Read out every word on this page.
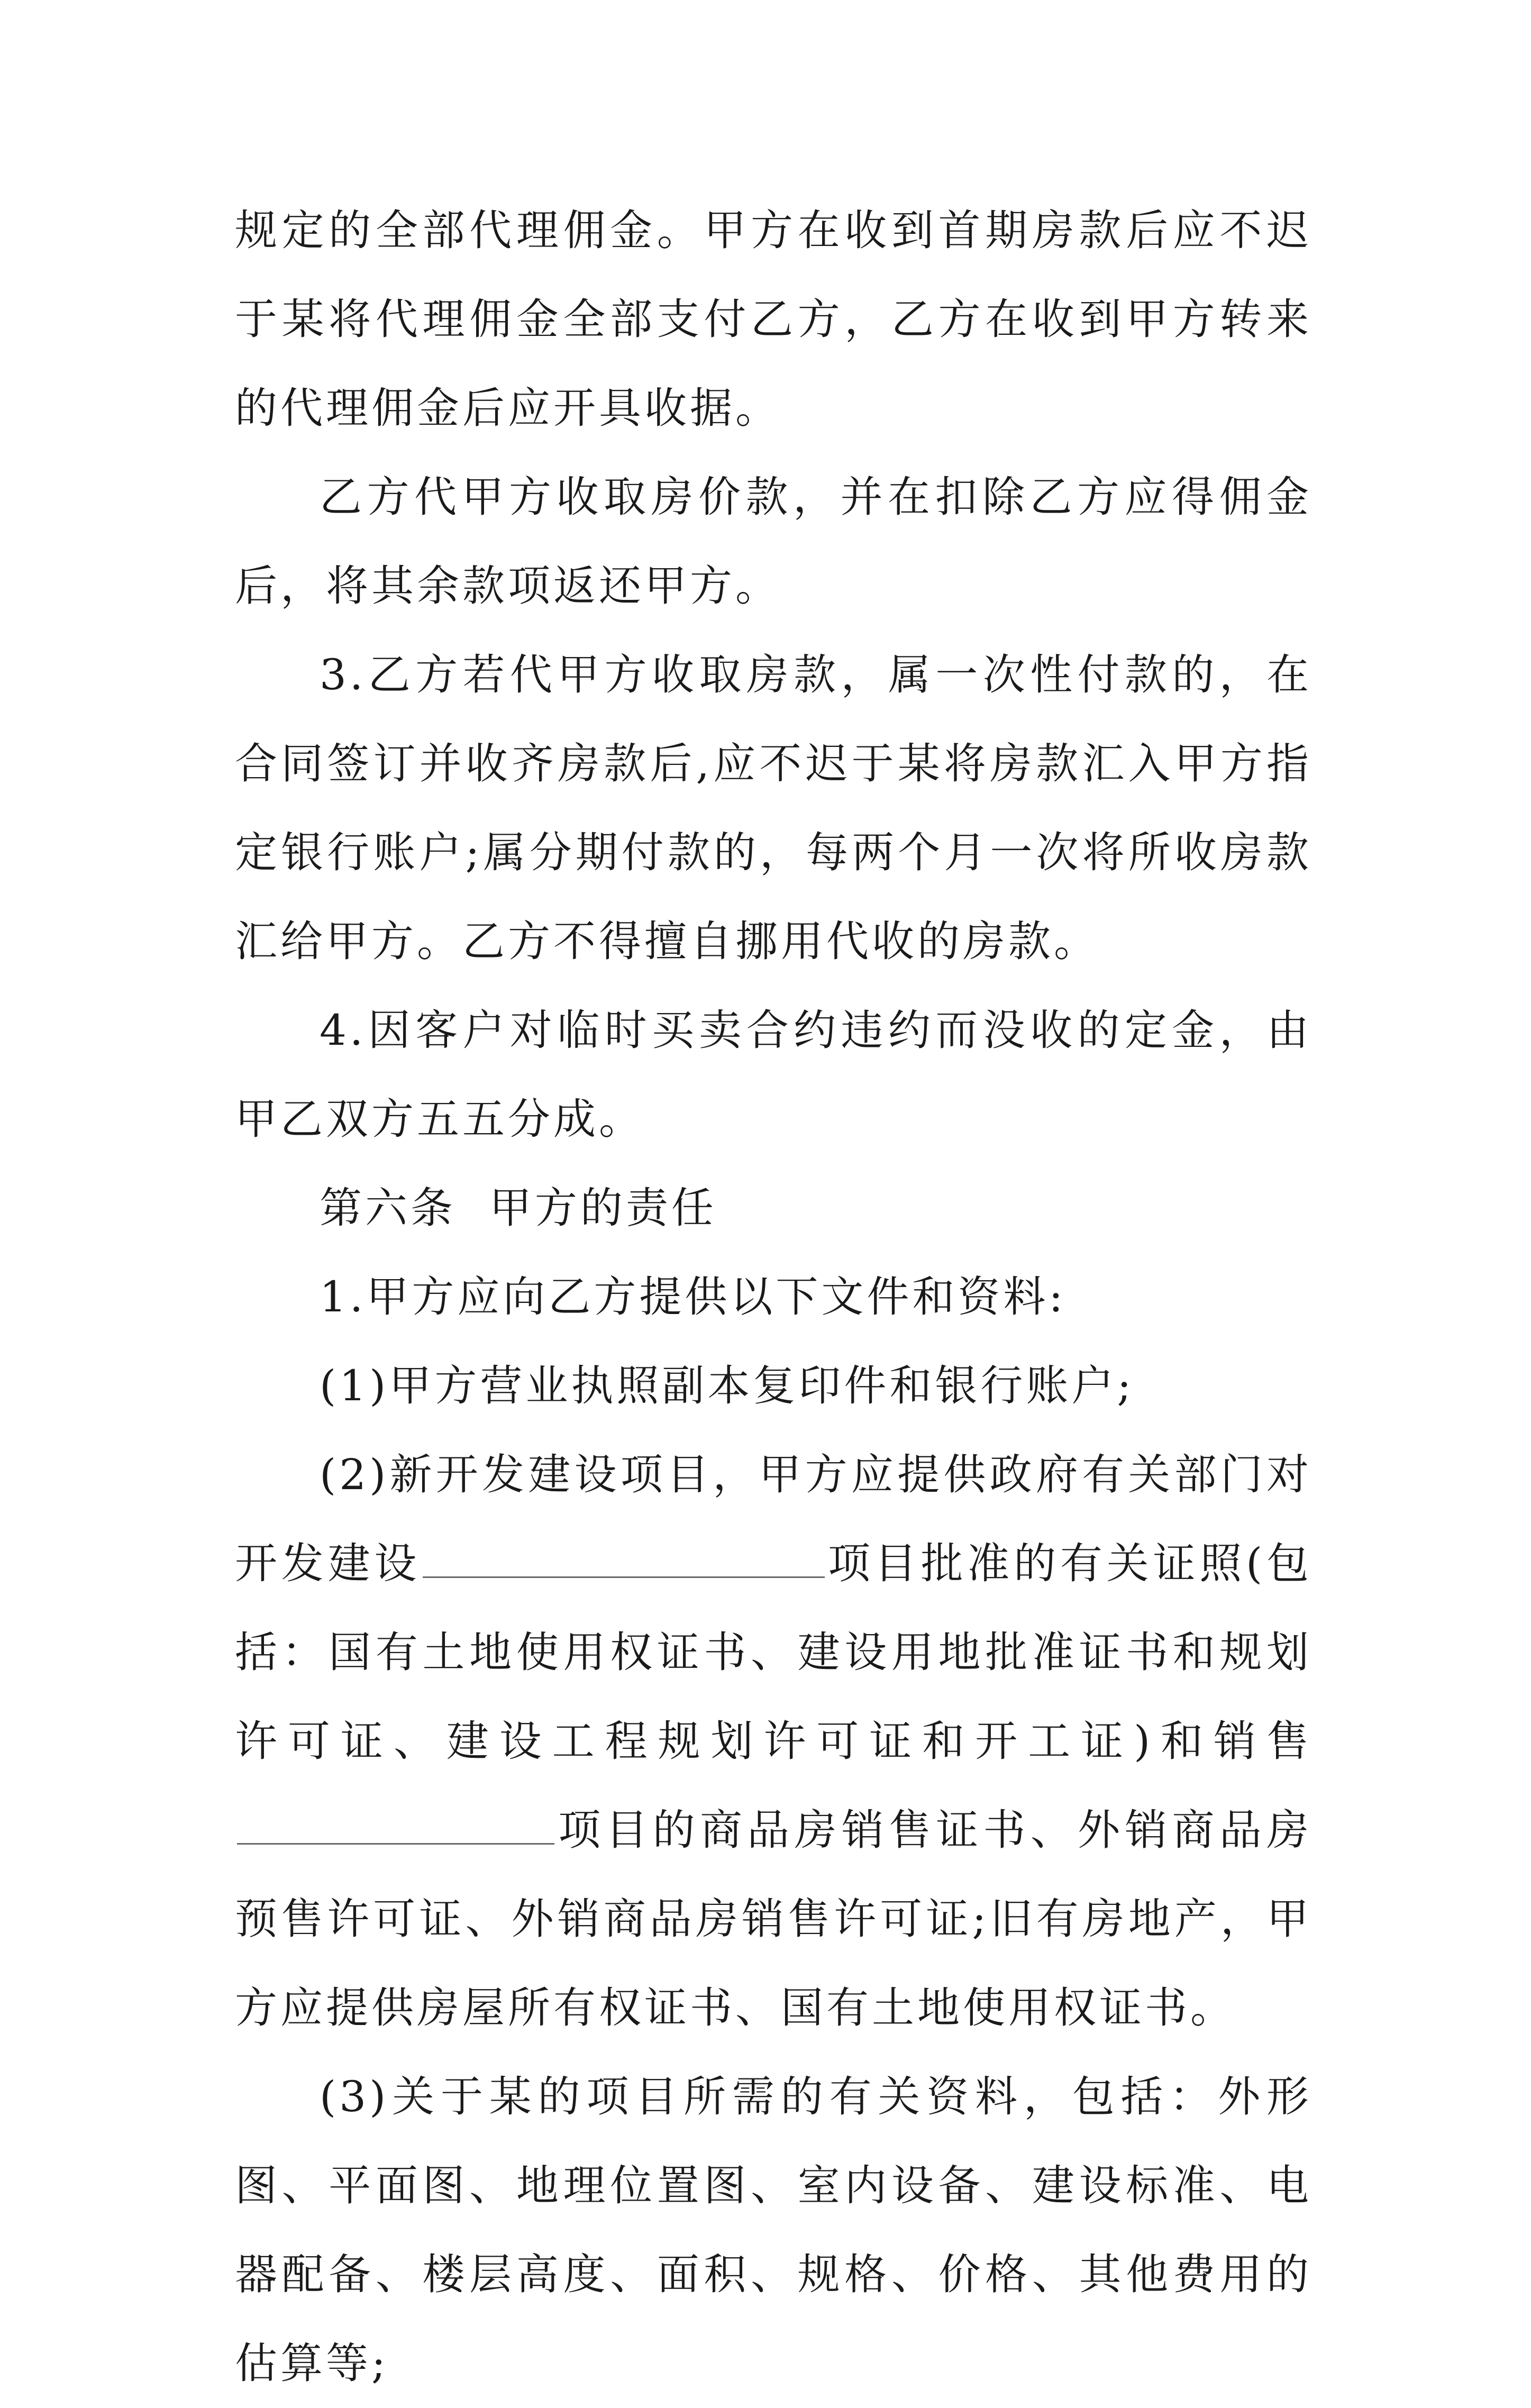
规定的全部代理佣金。甲方在收到首期房款后应不迟于某将代理佣金全部支付乙方，乙方在收到甲方转来的代理佣金后应开具收据。

乙方代甲方收取房价款，并在扣除乙方应得佣金后，将其余款项返还甲方。

3.乙方若代甲方收取房款，属一次性付款的，在合同签订并收齐房款后,应不迟于某将房款汇入甲方指定银行账户;属分期付款的，每两个月一次将所收房款汇给甲方。乙方不得擅自挪用代收的房款。

4.因客户对临时买卖合约违约而没收的定金，由甲乙双方五五分成。

第六条  甲方的责任

1.甲方应向乙方提供以下文件和资料:

(1)甲方营业执照副本复印件和银行账户;

(2)新开发建设项目，甲方应提供政府有关部门对开发建设	项目批准的有关证照(包括：国有土地使用权证书、建设用地批准证书和规划许可证、建设工程规划许可证和开工证)和销售项目的商品房销售证书、外销商品房预售许可证、外销商品房销售许可证;旧有房地产，甲方应提供房屋所有权证书、国有土地使用权证书。

(3)关于某的项目所需的有关资料，包括：外形图、平面图、地理位置图、室内设备、建设标准、电器配备、楼层高度、面积、规格、价格、其他费用的估算等;
